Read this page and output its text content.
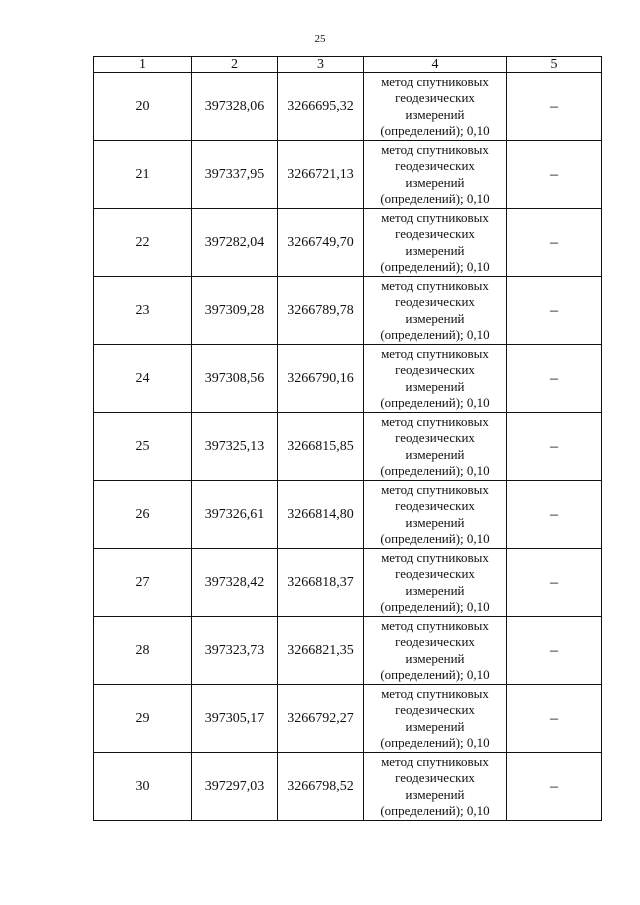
25
1	2	3	4	5
20	397328,06	3266695,32	метод спутниковых
геодезических
измерений
(определений); 0,10	–
21	397337,95	3266721,13	метод спутниковых
геодезических
измерений
(определений); 0,10	–
22	397282,04	3266749,70	метод спутниковых
геодезических
измерений
(определений); 0,10	–
23	397309,28	3266789,78	метод спутниковых
геодезических
измерений
(определений); 0,10	–
24	397308,56	3266790,16	метод спутниковых
геодезических
измерений
(определений); 0,10	–
25	397325,13	3266815,85	метод спутниковых
геодезических
измерений
(определений); 0,10	–
26	397326,61	3266814,80	метод спутниковых
геодезических
измерений
(определений); 0,10	–
27	397328,42	3266818,37	метод спутниковых
геодезических
измерений
(определений); 0,10	–
28	397323,73	3266821,35	метод спутниковых
геодезических
измерений
(определений); 0,10	–
29	397305,17	3266792,27	метод спутниковых
геодезических
измерений
(определений); 0,10	–
30	397297,03	3266798,52	метод спутниковых
геодезических
измерений
(определений); 0,10	–
